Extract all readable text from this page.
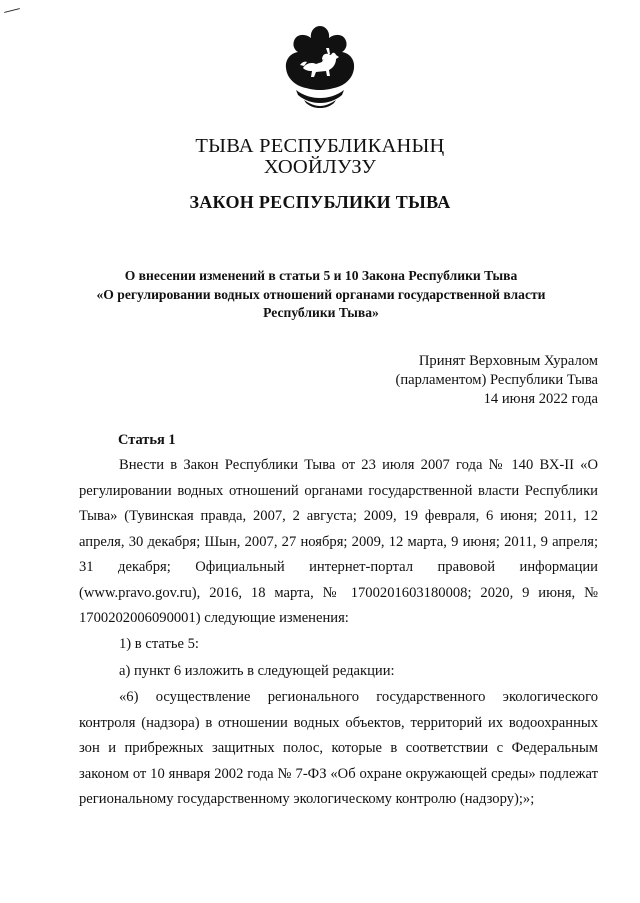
ТЫВА РЕСПУБЛИКАНЫҢ
ХООЙЛУЗУ
ЗАКОН РЕСПУБЛИКИ ТЫВА
О внесении изменений в статьи 5 и 10 Закона Республики Тыва
«О регулировании водных отношений органами государственной власти
Республики Тыва»
Принят Верховным Хуралом
(парламентом) Республики Тыва
14 июня 2022 года
Статья 1

Внести в Закон Республики Тыва от 23 июля 2007 года № 140 ВХ-II «О регулировании водных отношений органами государственной власти Республики Тыва» (Тувинская правда, 2007, 2 августа; 2009, 19 февраля, 6 июня; 2011, 12 апреля, 30 декабря; Шын, 2007, 27 ноября; 2009, 12 марта, 9 июня; 2011, 9 апреля; 31 декабря; Официальный интернет-портал правовой информации (www.pravo.gov.ru), 2016, 18 марта, № 1700201603180008; 2020, 9 июня, № 1700202006090001) следующие изменения:

1) в статье 5:

а) пункт 6 изложить в следующей редакции:

«6) осуществление регионального государственного экологического контроля (надзора) в отношении водных объектов, территорий их водоохранных зон и прибрежных защитных полос, которые в соответствии с Федеральным законом от 10 января 2002 года № 7-ФЗ «Об охране окружающей среды» подлежат региональному государственному экологическому контролю (надзору);»;
